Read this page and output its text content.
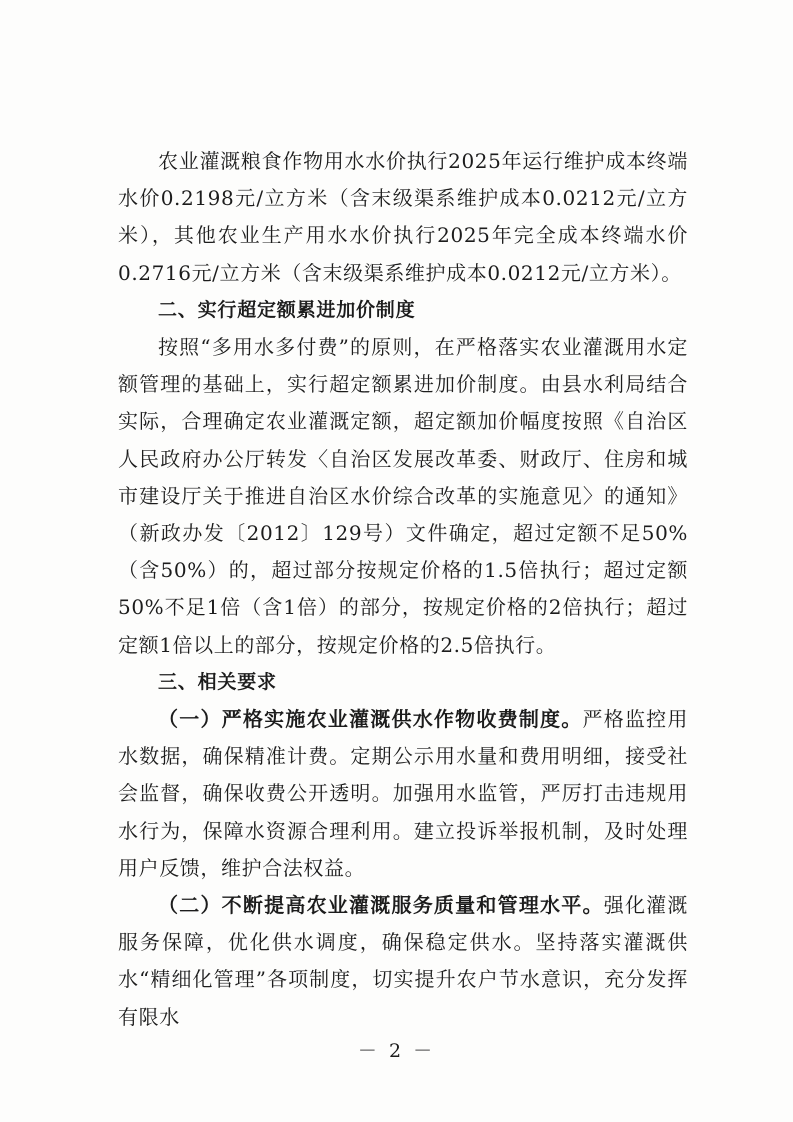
农业灌溉粮食作物用水水价执行2025年运行维护成本终端水价0.2198元/立方米（含末级渠系维护成本0.0212元/立方米），其他农业生产用水水价执行2025年完全成本终端水价0.2716元/立方米（含末级渠系维护成本0.0212元/立方米）。

二、实行超定额累进加价制度

按照“多用水多付费”的原则，在严格落实农业灌溉用水定额管理的基础上，实行超定额累进加价制度。由县水利局结合实际，合理确定农业灌溉定额，超定额加价幅度按照《自治区人民政府办公厅转发〈自治区发展改革委、财政厅、住房和城市建设厅关于推进自治区水价综合改革的实施意见〉的通知》（新政办发〔2012〕129号）文件确定，超过定额不足50%（含50%）的，超过部分按规定价格的1.5倍执行；超过定额50%不足1倍（含1倍）的部分，按规定价格的2倍执行；超过定额1倍以上的部分，按规定价格的2.5倍执行。

三、相关要求

（一）严格实施农业灌溉供水作物收费制度。严格监控用水数据，确保精准计费。定期公示用水量和费用明细，接受社会监督，确保收费公开透明。加强用水监管，严厉打击违规用水行为，保障水资源合理利用。建立投诉举报机制，及时处理用户反馈，维护合法权益。

（二）不断提高农业灌溉服务质量和管理水平。强化灌溉服务保障，优化供水调度，确保稳定供水。坚持落实灌溉供水“精细化管理”各项制度，切实提升农户节水意识，充分发挥有限水

－ 2 －
